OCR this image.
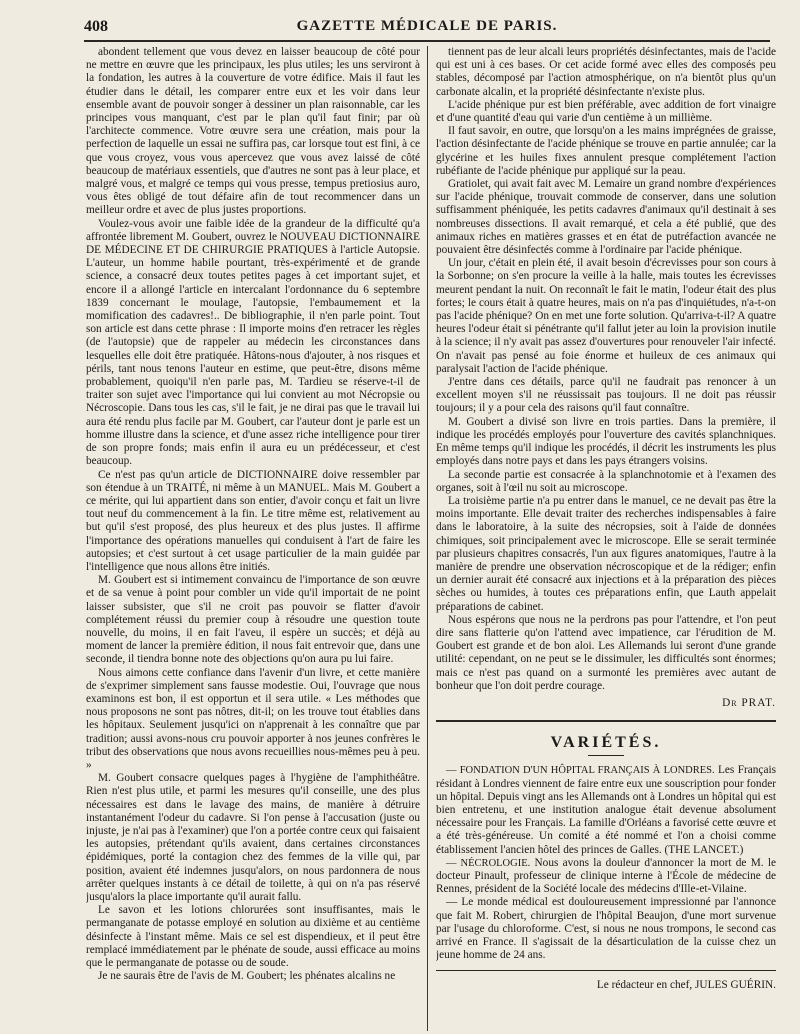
408	GAZETTE MÉDICALE DE PARIS.

abondent tellement que vous devez en laisser beaucoup de côté pour ne mettre en œuvre que les principaux, les plus utiles; les uns serviront à la fondation, les autres à la couverture de votre édifice. Mais il faut les étudier dans le détail, les comparer entre eux et les voir dans leur ensemble avant de pouvoir songer à dessiner un plan raisonnable, car les principes vous manquant, c'est par le plan qu'il faut finir; par où l'architecte commence. Votre œuvre sera une création, mais pour la perfection de laquelle un essai ne suffira pas, car lorsque tout est fini, à ce que vous croyez, vous vous apercevez que vous avez laissé de côté beaucoup de matériaux essentiels, que d'autres ne sont pas à leur place, et malgré vous, et malgré ce temps qui vous presse, tempus pretiosius auro, vous êtes obligé de tout défaire afin de tout recommencer dans un meilleur ordre et avec de plus justes proportions.

Voulez-vous avoir une faible idée de la grandeur de la difficulté qu'a affrontée librement M. Goubert, ouvrez le NOUVEAU DICTIONNAIRE DE MÉDECINE ET DE CHIRURGIE PRATIQUES à l'article Autopsie. L'auteur, un homme habile pourtant, très-expérimenté et de grande science, a consacré deux toutes petites pages à cet important sujet, et encore il a allongé l'article en intercalant l'ordonnance du 6 septembre 1839 concernant le moulage, l'autopsie, l'embaumement et la momification des cadavres!.. De bibliographie, il n'en parle point. Tout son article est dans cette phrase : Il importe moins d'en retracer les règles (de l'autopsie) que de rappeler au médecin les circonstances dans lesquelles elle doit être pratiquée. Hâtons-nous d'ajouter, à nos risques et périls, tant nous tenons l'auteur en estime, que peut-être, disons même probablement, quoiqu'il n'en parle pas, M. Tardieu se réserve-t-il de traiter son sujet avec l'importance qui lui convient au mot Nécropsie ou Nécroscopie. Dans tous les cas, s'il le fait, je ne dirai pas que le travail lui aura été rendu plus facile par M. Goubert, car l'auteur dont je parle est un homme illustre dans la science, et d'une assez riche intelligence pour tirer de son propre fonds; mais enfin il aura eu un prédécesseur, et c'est beaucoup.

Ce n'est pas qu'un article de DICTIONNAIRE doive ressembler par son étendue à un TRAITÉ, ni même à un MANUEL. Mais M. Goubert a ce mérite, qui lui appartient dans son entier, d'avoir conçu et fait un livre tout neuf du commencement à la fin. Le titre même est, relativement au but qu'il s'est proposé, des plus heureux et des plus justes. Il affirme l'importance des opérations manuelles qui conduisent à l'art de faire les autopsies; et c'est surtout à cet usage particulier de la main guidée par l'intelligence que nous allons être initiés.

M. Goubert est si intimement convaincu de l'importance de son œuvre et de sa venue à point pour combler un vide qu'il importait de ne point laisser subsister, que s'il ne croit pas pouvoir se flatter d'avoir complétement réussi du premier coup à résoudre une question toute nouvelle, du moins, il en fait l'aveu, il espère un succès; et déjà au moment de lancer la première édition, il nous fait entrevoir que, dans une seconde, il tiendra bonne note des objections qu'on aura pu lui faire.

Nous aimons cette confiance dans l'avenir d'un livre, et cette manière de s'exprimer simplement sans fausse modestie. Oui, l'ouvrage que nous examinons est bon, il est opportun et il sera utile. « Les méthodes que nous proposons ne sont pas nôtres, dit-il; on les trouve tout établies dans les hôpitaux. Seulement jusqu'ici on n'apprenait à les connaître que par tradition; aussi avons-nous cru pouvoir apporter à nos jeunes confrères le tribut des observations que nous avons recueillies nous-mêmes peu à peu. »

M. Goubert consacre quelques pages à l'hygiène de l'amphithéâtre. Rien n'est plus utile, et parmi les mesures qu'il conseille, une des plus nécessaires est dans le lavage des mains, de manière à détruire instantanément l'odeur du cadavre. Si l'on pense à l'accusation (juste ou injuste, je n'ai pas à l'examiner) que l'on a portée contre ceux qui faisaient les autopsies, prétendant qu'ils avaient, dans certaines circonstances épidémiques, porté la contagion chez des femmes de la ville qui, par position, avaient été indemnes jusqu'alors, on nous pardonnera de nous arrêter quelques instants à ce détail de toilette, à qui on n'a pas réservé jusqu'alors la place importante qu'il aurait fallu.

Le savon et les lotions chlorurées sont insuffisantes, mais le permanganate de potasse employé en solution au dixième et au centième désinfecte à l'instant même. Mais ce sel est dispendieux, et il peut être remplacé immédiatement par le phénate de soude, aussi efficace au moins que le permanganate de potasse ou de soude.

Je ne saurais être de l'avis de M. Goubert; les phénates alcalins ne

tiennent pas de leur alcali leurs propriétés désinfectantes, mais de l'acide qui est uni à ces bases. Or cet acide formé avec elles des composés peu stables, décomposé par l'action atmosphérique, on n'a bientôt plus qu'un carbonate alcalin, et la propriété désinfectante n'existe plus.

L'acide phénique pur est bien préférable, avec addition de fort vinaigre et d'une quantité d'eau qui varie d'un centième à un millième.

Il faut savoir, en outre, que lorsqu'on a les mains imprégnées de graisse, l'action désinfectante de l'acide phénique se trouve en partie annulée; car la glycérine et les huiles fixes annulent presque complétement l'action rubéfiante de l'acide phénique pur appliqué sur la peau.

Gratiolet, qui avait fait avec M. Lemaire un grand nombre d'expériences sur l'acide phénique, trouvait commode de conserver, dans une solution suffisamment phéniquée, les petits cadavres d'animaux qu'il destinait à ses nombreuses dissections. Il avait remarqué, et cela a été publié, que des animaux riches en matières grasses et en état de putréfaction avancée ne pouvaient être désinfectés comme à l'ordinaire par l'acide phénique.

Un jour, c'était en plein été, il avait besoin d'écrevisses pour son cours à la Sorbonne; on s'en procure la veille à la halle, mais toutes les écrevisses meurent pendant la nuit. On reconnaît le fait le matin, l'odeur était des plus fortes; le cours était à quatre heures, mais on n'a pas d'inquiétudes, n'a-t-on pas l'acide phénique? On en met une forte solution. Qu'arriva-t-il? A quatre heures l'odeur était si pénétrante qu'il fallut jeter au loin la provision inutile à la science; il n'y avait pas assez d'ouvertures pour renouveler l'air infecté. On n'avait pas pensé au foie énorme et huileux de ces animaux qui paralysait l'action de l'acide phénique.

J'entre dans ces détails, parce qu'il ne faudrait pas renoncer à un excellent moyen s'il ne réussissait pas toujours. Il ne doit pas réussir toujours; il y a pour cela des raisons qu'il faut connaître.

M. Goubert a divisé son livre en trois parties. Dans la première, il indique les procédés employés pour l'ouverture des cavités splanchniques. En même temps qu'il indique les procédés, il décrit les instruments les plus employés dans notre pays et dans les pays étrangers voisins.

La seconde partie est consacrée à la splanchnotomie et à l'examen des organes, soit à l'œil nu soit au microscope.

La troisième partie n'a pu entrer dans le manuel, ce ne devait pas être la moins importante. Elle devait traiter des recherches indispensables à faire dans le laboratoire, à la suite des nécropsies, soit à l'aide de données chimiques, soit principalement avec le microscope. Elle se serait terminée par plusieurs chapitres consacrés, l'un aux figures anatomiques, l'autre à la manière de prendre une observation nécroscopique et de la rédiger; enfin un dernier aurait été consacré aux injections et à la préparation des pièces sèches ou humides, à toutes ces préparations enfin, que Lauth appelait préparations de cabinet.

Nous espérons que nous ne la perdrons pas pour l'attendre, et l'on peut dire sans flatterie qu'on l'attend avec impatience, car l'érudition de M. Goubert est grande et de bon aloi. Les Allemands lui seront d'une grande utilité: cependant, on ne peut se le dissimuler, les difficultés sont énormes; mais ce n'est pas quand on a surmonté les premières avec autant de bonheur que l'on doit perdre courage.

Dr PRAT.

VARIÉTÉS.

— FONDATION D'UN HÔPITAL FRANÇAIS À LONDRES. Les Français résidant à Londres viennent de faire entre eux une souscription pour fonder un hôpital. Depuis vingt ans les Allemands ont à Londres un hôpital qui est bien entretenu, et une institution analogue était devenue absolument nécessaire pour les Français. La famille d'Orléans a favorisé cette œuvre et a été très-généreuse. Un comité a été nommé et l'on a choisi comme établissement l'ancien hôtel des princes de Galles. (THE LANCET.)

— NÉCROLOGIE. Nous avons la douleur d'annoncer la mort de M. le docteur Pinault, professeur de clinique interne à l'École de médecine de Rennes, président de la Société locale des médecins d'Ille-et-Vilaine.

— Le monde médical est douloureusement impressionné par l'annonce que fait M. Robert, chirurgien de l'hôpital Beaujon, d'une mort survenue par l'usage du chloroforme. C'est, si nous ne nous trompons, le second cas arrivé en France. Il s'agissait de la désarticulation de la cuisse chez un jeune homme de 24 ans.

Le rédacteur en chef, JULES GUÉRIN.
